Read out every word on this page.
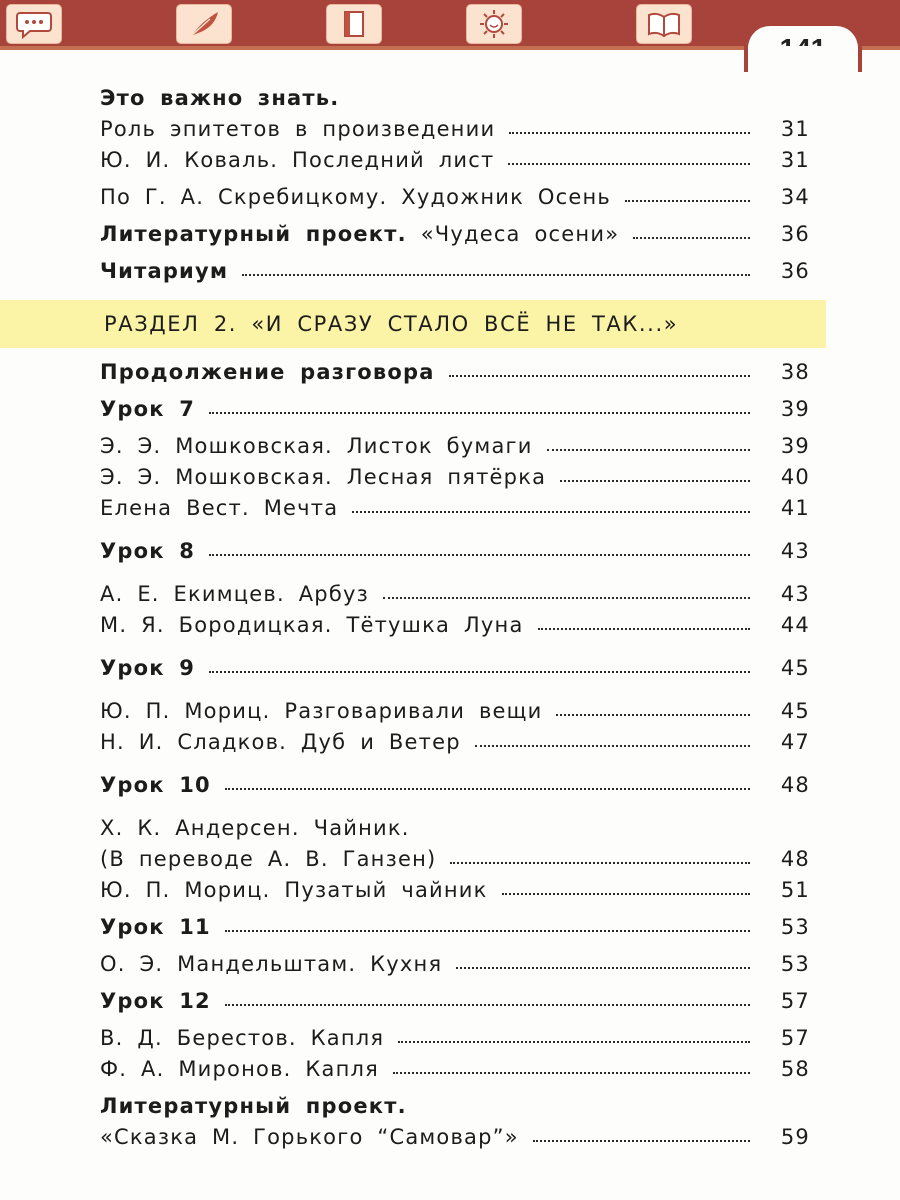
Это важно знать.
Роль эпитетов в произведении	31
Ю. И. Коваль. Последний лист	31
По Г. А. Скребицкому. Художник Осень	34
Литературный проект. «Чудеса осени»	36
Читариум	36
РАЗДЕЛ 2. «И СРАЗУ СТАЛО ВСЁ НЕ ТАК...»
Продолжение разговора	38
Урок 7	39
Э. Э. Мошковская. Листок бумаги	39
Э. Э. Мошковская. Лесная пятёрка	40
Елена Вест. Мечта	41
Урок 8	43
А. Е. Екимцев. Арбуз	43
М. Я. Бородицкая. Тётушка Луна	44
Урок 9	45
Ю. П. Мориц. Разговаривали вещи	45
Н. И. Сладков. Дуб и Ветер	47
Урок 10	48
Х. К. Андерсен. Чайник.
(В переводе А. В. Ганзен)	48
Ю. П. Мориц. Пузатый чайник	51
Урок 11	53
О. Э. Мандельштам. Кухня	53
Урок 12	57
В. Д. Берестов. Капля	57
Ф. А. Миронов. Капля	58
Литературный проект.
«Сказка М. Горького “Самовар”»	59
